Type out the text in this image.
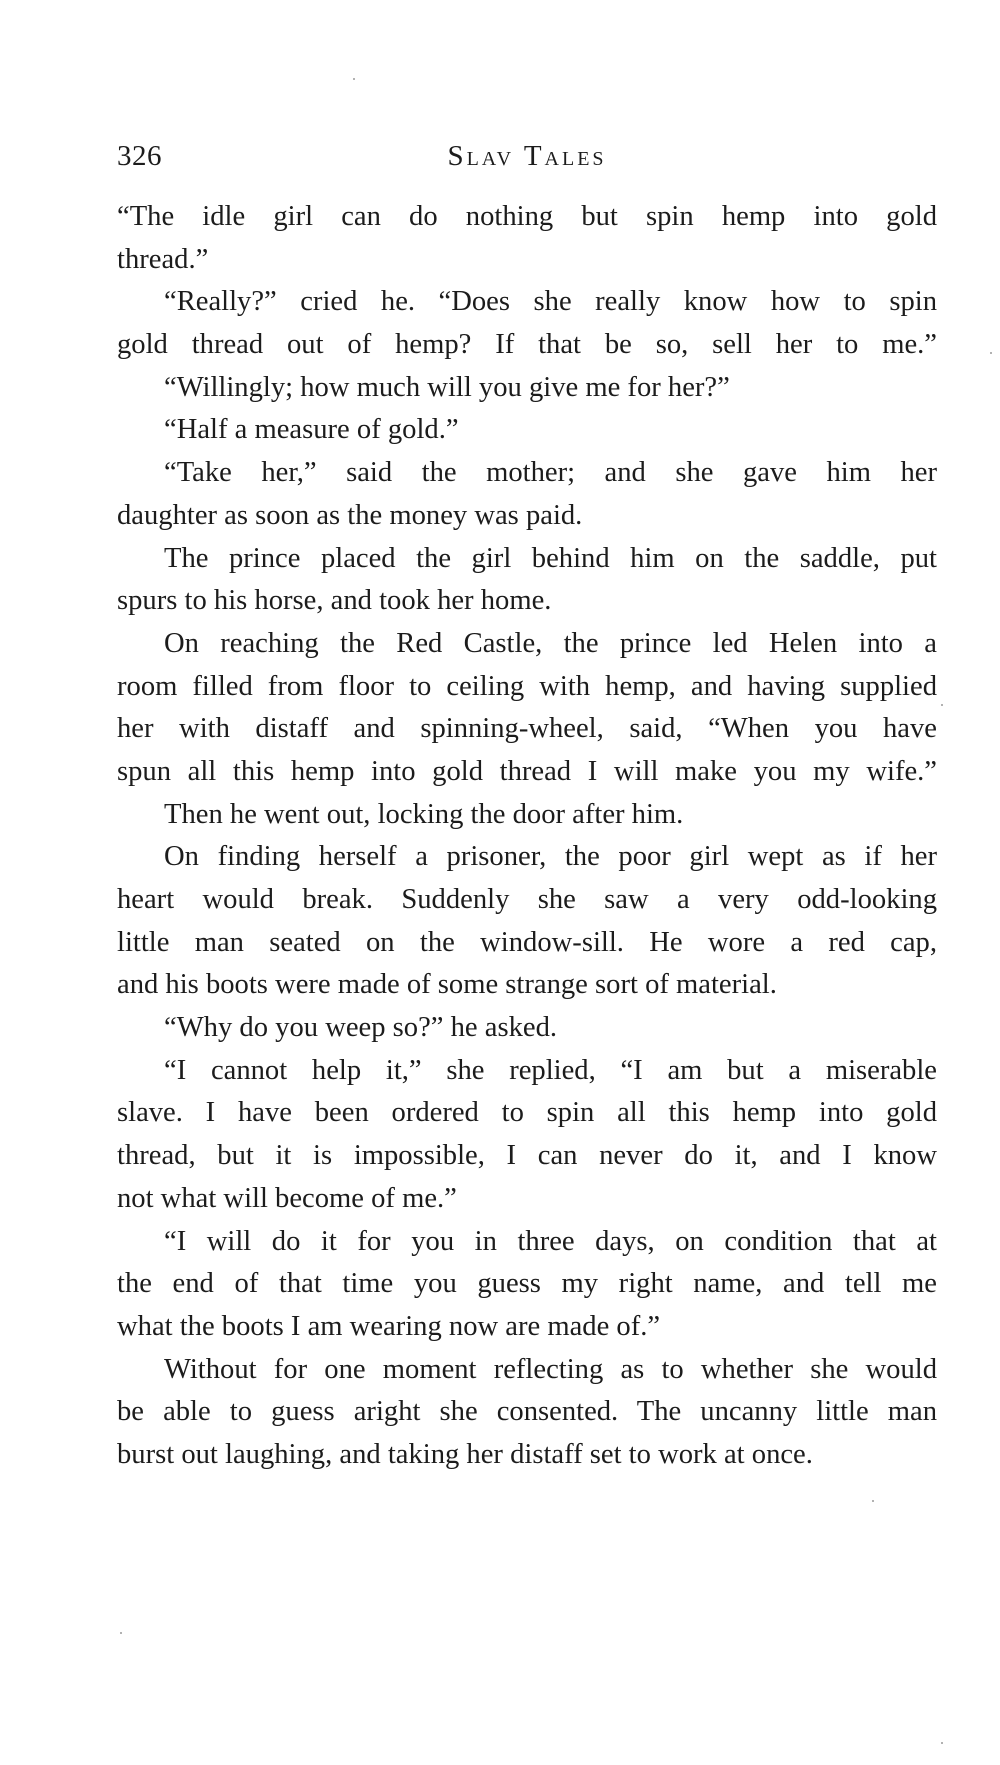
326	Slav Tales
“The idle girl can do nothing but spin hemp into gold
thread.”
“Really?” cried he. “Does she really know how to spin
gold thread out of hemp? If that be so, sell her to me.”
“Willingly; how much will you give me for her?”
“Half a measure of gold.”
“Take her,” said the mother; and she gave him her
daughter as soon as the money was paid.
The prince placed the girl behind him on the saddle, put
spurs to his horse, and took her home.
On reaching the Red Castle, the prince led Helen into a
room filled from floor to ceiling with hemp, and having supplied
her with distaff and spinning-wheel, said, “When you have
spun all this hemp into gold thread I will make you my wife.”
Then he went out, locking the door after him.
On finding herself a prisoner, the poor girl wept as if her
heart would break. Suddenly she saw a very odd-looking
little man seated on the window-sill. He wore a red cap,
and his boots were made of some strange sort of material.
“Why do you weep so?” he asked.
“I cannot help it,” she replied, “I am but a miserable
slave. I have been ordered to spin all this hemp into gold
thread, but it is impossible, I can never do it, and I know
not what will become of me.”
“I will do it for you in three days, on condition that at
the end of that time you guess my right name, and tell me
what the boots I am wearing now are made of.”
Without for one moment reflecting as to whether she would
be able to guess aright she consented. The uncanny little man
burst out laughing, and taking her distaff set to work at once.
